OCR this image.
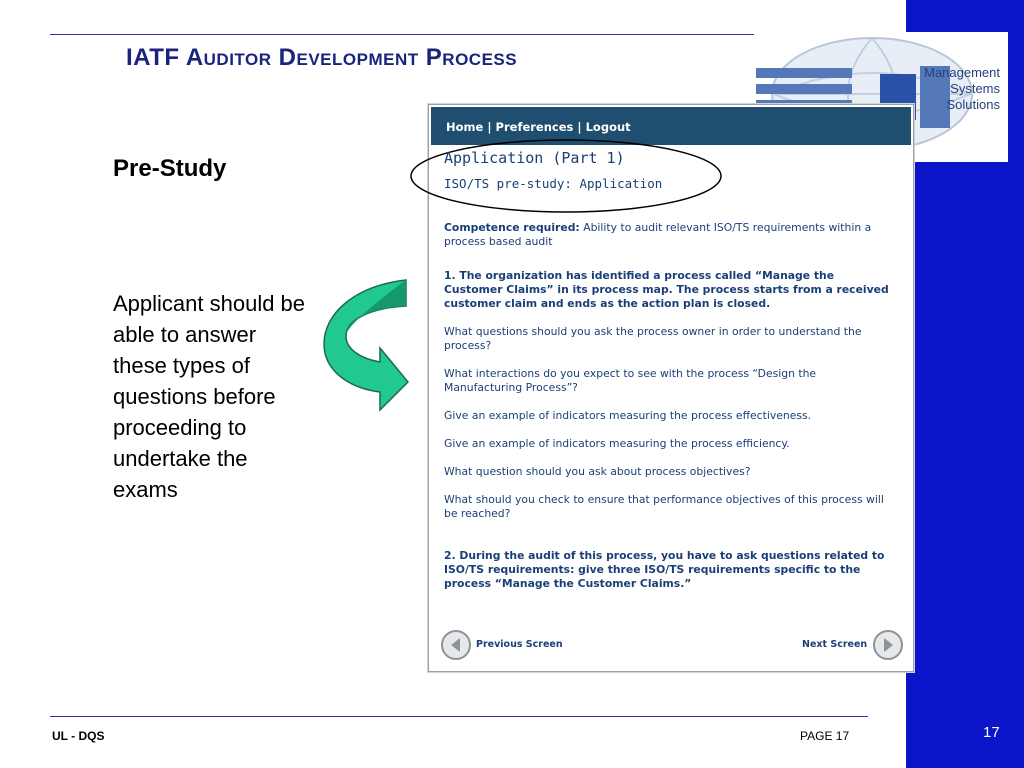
IATF Auditor Development Process
Management
Systems
Solutions
Pre-Study
Applicant should be able to answer these types of questions before proceeding to undertake the exams
Home | Preferences | Logout
Application (Part 1)
ISO/TS pre-study: Application

Competence required: Ability to audit relevant ISO/TS requirements within a process based audit

1. The organization has identified a process called “Manage the Customer Claims” in its process map. The process starts from a received customer claim and ends as the action plan is closed.

What questions should you ask the process owner in order to understand the process?

What interactions do you expect to see with the process “Design the Manufacturing Process”?

Give an example of indicators measuring the process effectiveness.

Give an example of indicators measuring the process efficiency.

What question should you ask about process objectives?

What should you check to ensure that performance objectives of this process will be reached?

2. During the audit of this process, you have to ask questions related to ISO/TS requirements: give three ISO/TS requirements specific to the process “Manage the Customer Claims.”

Previous Screen	Next Screen
UL - DQS	PAGE 17	17
